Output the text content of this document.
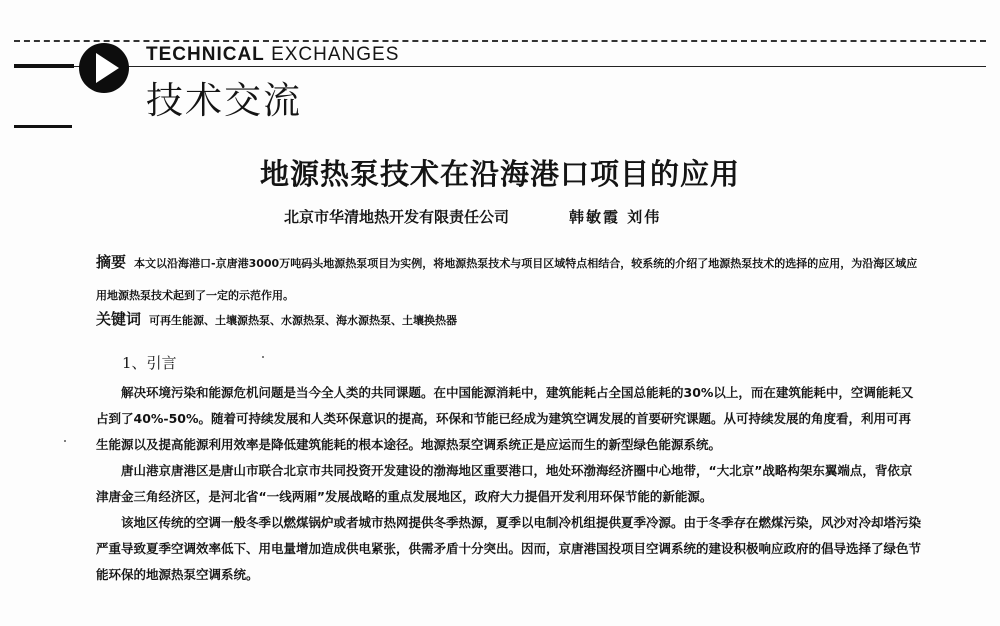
TECHNICAL EXCHANGES
技术交流
地源热泵技术在沿海港口项目的应用

北京市华清地热开发有限责任公司	韩敏霞 刘伟

摘要 本文以沿海港口-京唐港3000万吨码头地源热泵项目为实例，将地源热泵技术与项目区域特点相结合，较系统的介绍了地源热泵技术的选择的应用，为沿海区域应用地源热泵技术起到了一定的示范作用。

关键词 可再生能源、土壤源热泵、水源热泵、海水源热泵、土壤换热器

1、引言

解决环境污染和能源危机问题是当今全人类的共同课题。在中国能源消耗中，建筑能耗占全国总能耗的30%以上，而在建筑能耗中，空调能耗又占到了40%-50%。随着可持续发展和人类环保意识的提高，环保和节能已经成为建筑空调发展的首要研究课题。从可持续发展的角度看，利用可再生能源以及提高能源利用效率是降低建筑能耗的根本途径。地源热泵空调系统正是应运而生的新型绿色能源系统。

唐山港京唐港区是唐山市联合北京市共同投资开发建设的渤海地区重要港口，地处环渤海经济圈中心地带，“大北京”战略构架东翼端点，背依京津唐金三角经济区，是河北省“一线两厢”发展战略的重点发展地区，政府大力提倡开发利用环保节能的新能源。

该地区传统的空调一般冬季以燃煤锅炉或者城市热网提供冬季热源，夏季以电制冷机组提供夏季冷源。由于冬季存在燃煤污染，风沙对冷却塔污染严重导致夏季空调效率低下、用电量增加造成供电紧张，供需矛盾十分突出。因而，京唐港国投项目空调系统的建设积极响应政府的倡导选择了绿色节能环保的地源热泵空调系统。
